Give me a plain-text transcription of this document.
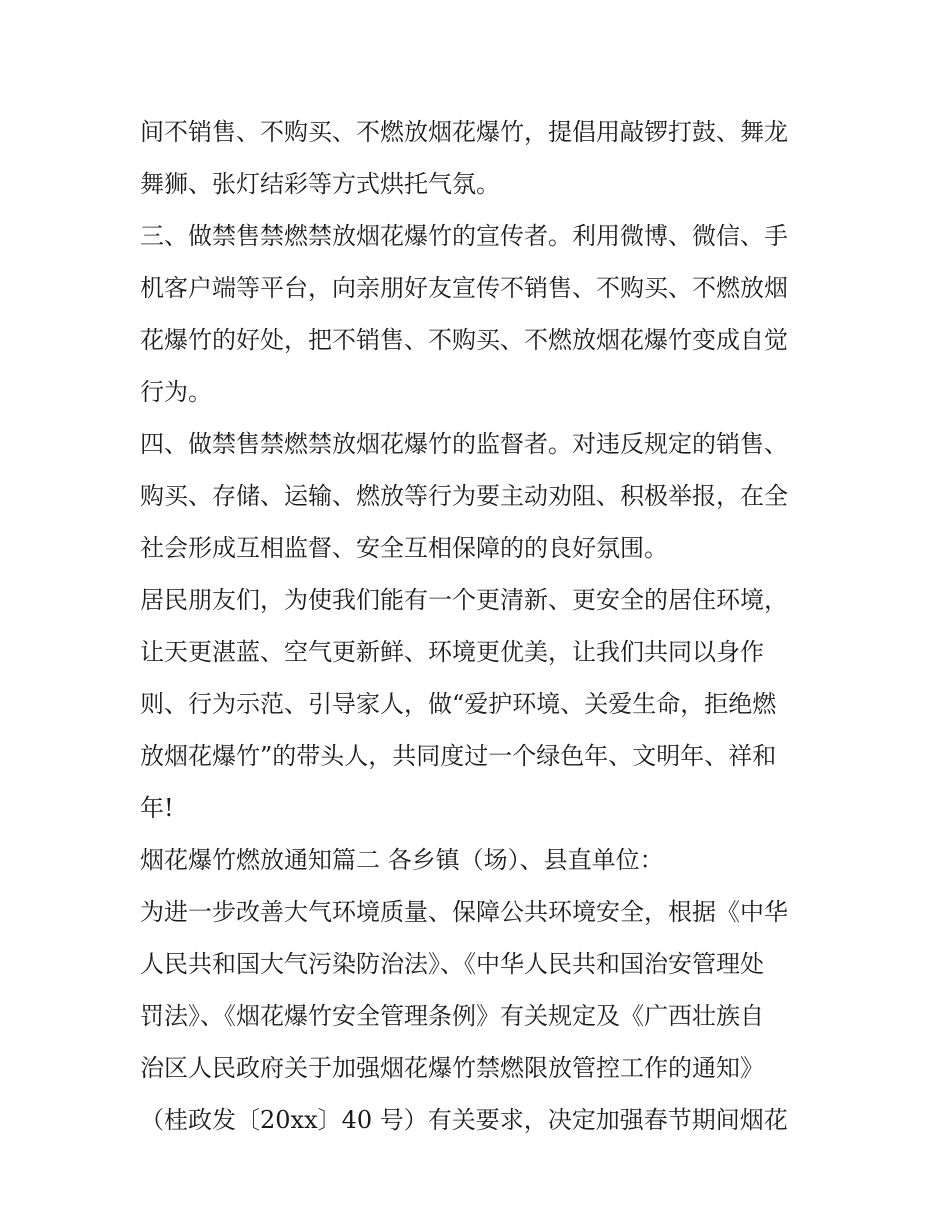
间不销售、不购买、不燃放烟花爆竹，提倡用敲锣打鼓、舞龙
舞狮、张灯结彩等方式烘托气氛。
三、做禁售禁燃禁放烟花爆竹的宣传者。利用微博、微信、手
机客户端等平台，向亲朋好友宣传不销售、不购买、不燃放烟
花爆竹的好处，把不销售、不购买、不燃放烟花爆竹变成自觉
行为。
四、做禁售禁燃禁放烟花爆竹的监督者。对违反规定的销售、
购买、存储、运输、燃放等行为要主动劝阻、积极举报，在全
社会形成互相监督、安全互相保障的的良好氛围。
居民朋友们，为使我们能有一个更清新、更安全的居住环境，
让天更湛蓝、空气更新鲜、环境更优美，让我们共同以身作
则、行为示范、引导家人，做“爱护环境、关爱生命，拒绝燃
放烟花爆竹”的带头人，共同度过一个绿色年、文明年、祥和
年!
烟花爆竹燃放通知篇二 各乡镇（场）、县直单位：
为进一步改善大气环境质量、保障公共环境安全，根据《中华
人民共和国大气污染防治法》、《中华人民共和国治安管理处
罚法》、《烟花爆竹安全管理条例》有关规定及《广西壮族自
治区人民政府关于加强烟花爆竹禁燃限放管控工作的通知》
（桂政发〔20xx〕40 号）有关要求，决定加强春节期间烟花
